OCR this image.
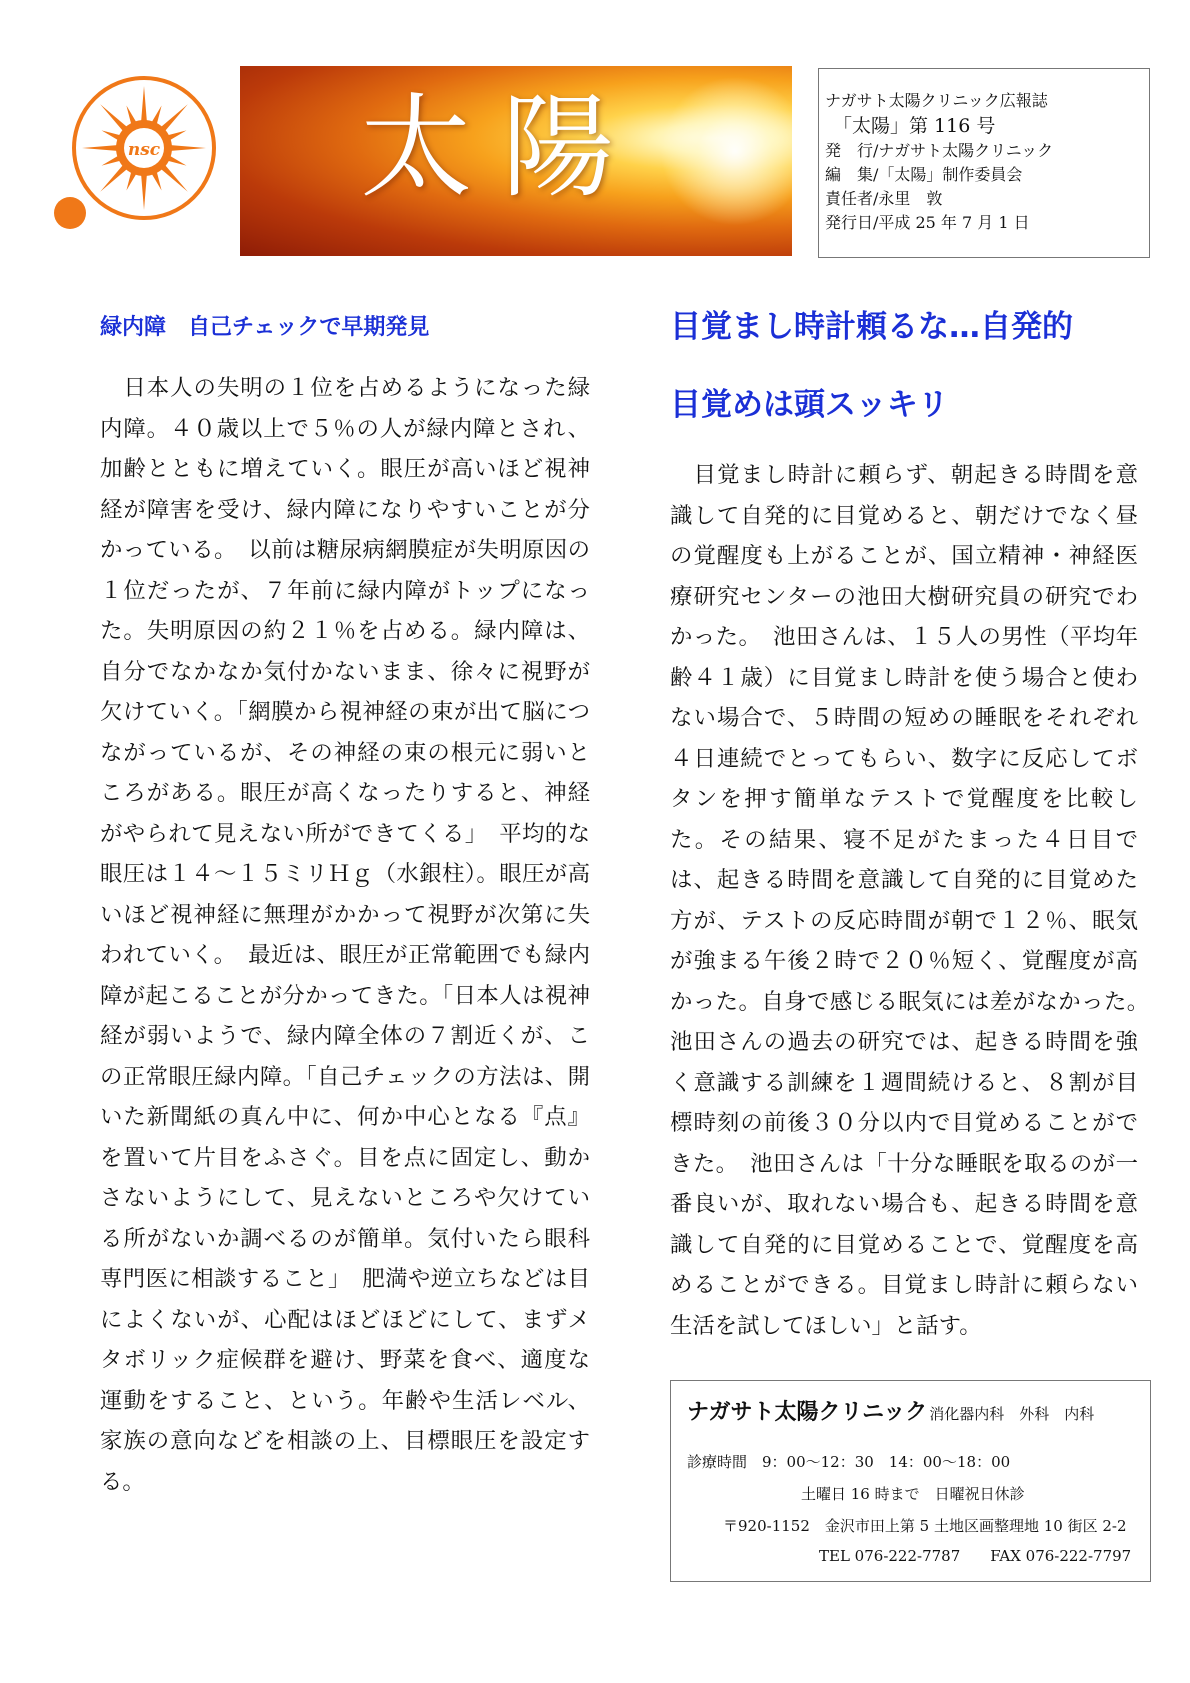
nsc 太陽	ナガサト太陽クリニック広報誌
「太陽」第 116 号
発　行/ナガサト太陽クリニック
編　集/「太陽」制作委員会
責任者/永里　敦
発行日/平成 25 年 7 月 1 日
緑内障　自己チェックで早期発見
　日本人の失明の１位を占めるようになった緑内障。４０歳以上で５％の人が緑内障とされ、加齢とともに増えていく。眼圧が高いほど視神経が障害を受け、緑内障になりやすいことが分かっている。　以前は糖尿病網膜症が失明原因の１位だったが、７年前に緑内障がトップになった。失明原因の約２１％を占める。緑内障は、自分でなかなか気付かないまま、徐々に視野が欠けていく。「網膜から視神経の束が出て脳につながっているが、その神経の束の根元に弱いところがある。眼圧が高くなったりすると、神経がやられて見えない所ができてくる」　平均的な眼圧は１４～１５ミリＨｇ（水銀柱）。眼圧が高いほど視神経に無理がかかって視野が次第に失われていく。　最近は、眼圧が正常範囲でも緑内障が起こることが分かってきた。「日本人は視神経が弱いようで、緑内障全体の７割近くが、この正常眼圧緑内障。「自己チェックの方法は、開いた新聞紙の真ん中に、何か中心となる『点』を置いて片目をふさぐ。目を点に固定し、動かさないようにして、見えないところや欠けている所がないか調べるのが簡単。気付いたら眼科専門医に相談すること」　肥満や逆立ちなどは目によくないが、心配はほどほどにして、まずメタボリック症候群を避け、野菜を食べ、適度な運動をすること、という。年齢や生活レベル、家族の意向などを相談の上、目標眼圧を設定する。
目覚まし時計頼るな…自発的
目覚めは頭スッキリ
　目覚まし時計に頼らず、朝起きる時間を意識して自発的に目覚めると、朝だけでなく昼の覚醒度も上がることが、国立精神・神経医療研究センターの池田大樹研究員の研究でわかった。　池田さんは、１５人の男性（平均年齢４１歳）に目覚まし時計を使う場合と使わない場合で、５時間の短めの睡眠をそれぞれ４日連続でとってもらい、数字に反応してボタンを押す簡単なテストで覚醒度を比較した。その結果、寝不足がたまった４日目では、起きる時間を意識して自発的に目覚めた方が、テストの反応時間が朝で１２％、眠気が強まる午後２時で２０％短く、覚醒度が高かった。自身で感じる眠気には差がなかった。　池田さんの過去の研究では、起きる時間を強く意識する訓練を１週間続けると、８割が目標時刻の前後３０分以内で目覚めることができた。　池田さんは「十分な睡眠を取るのが一番良いが、取れない場合も、起きる時間を意識して自発的に目覚めることで、覚醒度を高めることができる。目覚まし時計に頼らない生活を試してほしい」と話す。
ナガサト太陽クリニック 消化器内科　外科　内科
診療時間　9：00～12：30　14：00～18：00
土曜日 16 時まで　日曜祝日休診
〒920-1152　金沢市田上第 5 土地区画整理地 10 街区 2-2
TEL 076-222-7787 FAX 076-222-7797
